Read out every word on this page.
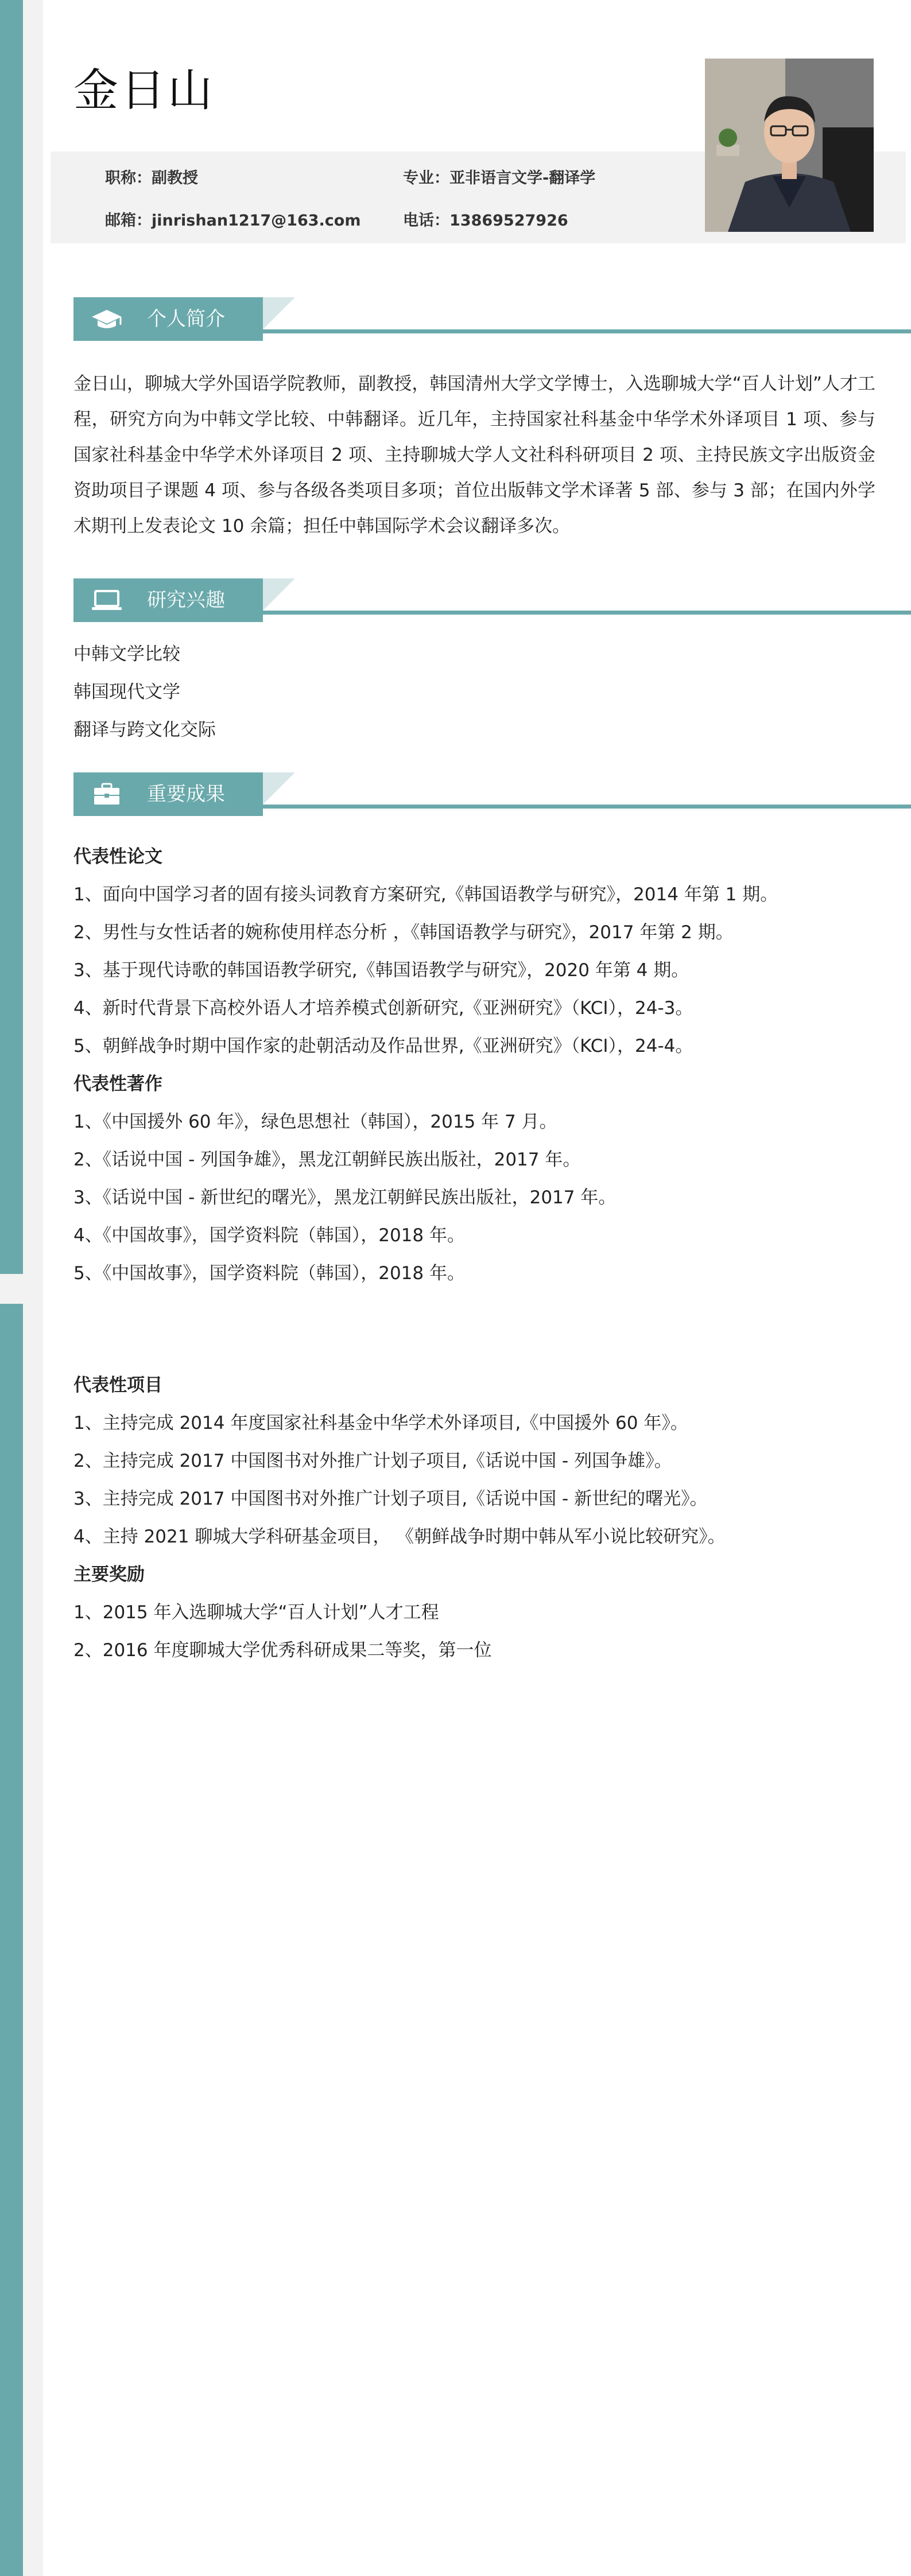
金日山
职称：副教授	专业：亚非语言文学-翻译学
邮箱：jinrishan1217@163.com	电话：13869527926
个人简介
金日山，聊城大学外国语学院教师，副教授，韩国清州大学文学博士，入选聊城大学“百人计划”人才工程，研究方向为中韩文学比较、中韩翻译。近几年，主持国家社科基金中华学术外译项目 1 项、参与国家社科基金中华学术外译项目 2 项、主持聊城大学人文社科科研项目 2 项、主持民族文字出版资金资助项目子课题 4 项、参与各级各类项目多项；首位出版韩文学术译著 5 部、参与 3 部；在国内外学术期刊上发表论文 10 余篇；担任中韩国际学术会议翻译多次。
研究兴趣
中韩文学比较
韩国现代文学
翻译与跨文化交际
重要成果
代表性论文
1、面向中国学习者的固有接头词教育方案研究,《韩国语教学与研究》，2014 年第 1 期。
2、男性与女性话者的婉称使用样态分析 ，《韩国语教学与研究》，2017 年第 2 期。
3、基于现代诗歌的韩国语教学研究,《韩国语教学与研究》，2020 年第 4 期。
4、新时代背景下高校外语人才培养模式创新研究,《亚洲研究》（KCI），24-3。
5、朝鲜战争时期中国作家的赴朝活动及作品世界,《亚洲研究》（KCI），24-4。
代表性著作
1、《中国援外 60 年》，绿色思想社（韩国），2015 年 7 月。
2、《话说中国 - 列国争雄》，黑龙江朝鲜民族出版社，2017 年。
3、《话说中国 - 新世纪的曙光》，黑龙江朝鲜民族出版社，2017 年。
4、《中国故事》，国学资料院（韩国），2018 年。
5、《中国故事》，国学资料院（韩国），2018 年。
代表性项目
1、主持完成 2014 年度国家社科基金中华学术外译项目,《中国援外 60 年》。
2、主持完成 2017 中国图书对外推广计划子项目,《话说中国 - 列国争雄》。
3、主持完成 2017 中国图书对外推广计划子项目,《话说中国 - 新世纪的曙光》。
4、主持 2021 聊城大学科研基金项目， 《朝鲜战争时期中韩从军小说比较研究》。
主要奖励
1、2015 年入选聊城大学“百人计划”人才工程
2、2016 年度聊城大学优秀科研成果二等奖，第一位
